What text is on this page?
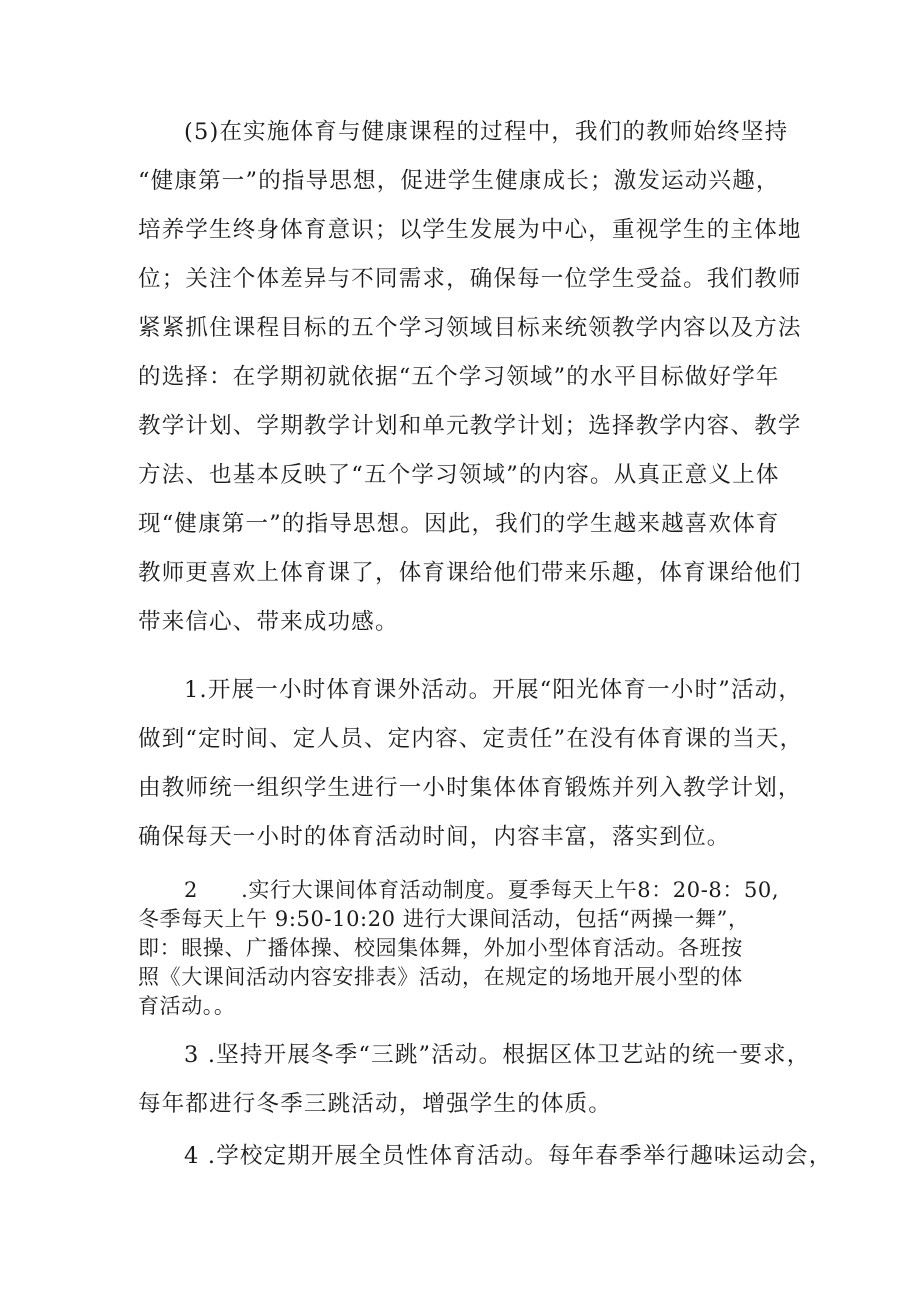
(5)在实施体育与健康课程的过程中，我们的教师始终坚持
“健康第一”的指导思想，促进学生健康成长；激发运动兴趣，
培养学生终身体育意识；以学生发展为中心，重视学生的主体地
位；关注个体差异与不同需求，确保每一位学生受益。我们教师
紧紧抓住课程目标的五个学习领域目标来统领教学内容以及方法
的选择：在学期初就依据“五个学习领域”的水平目标做好学年
教学计划、学期教学计划和单元教学计划；选择教学内容、教学
方法、也基本反映了“五个学习领域”的内容。从真正意义上体
现“健康第一”的指导思想。因此，我们的学生越来越喜欢体育
教师更喜欢上体育课了，体育课给他们带来乐趣，体育课给他们
带来信心、带来成功感。
1.开展一小时体育课外活动。开展“阳光体育一小时”活动，
做到“定时间、定人员、定内容、定责任”在没有体育课的当天，
由教师统一组织学生进行一小时集体体育锻炼并列入教学计划，
确保每天一小时的体育活动时间，内容丰富，落实到位。
2　　.实行大课间体育活动制度。夏季每天上午8：20-8：50,
冬季每天上午 9:50-10:20 进行大课间活动，包括“两操一舞”，
即：眼操、广播体操、校园集体舞，外加小型体育活动。各班按
照《大课间活动内容安排表》活动，在规定的场地开展小型的体
育活动。。
3 .坚持开展冬季“三跳”活动。根据区体卫艺站的统一要求，
每年都进行冬季三跳活动，增强学生的体质。
4 .学校定期开展全员性体育活动。每年春季举行趣味运动会，
